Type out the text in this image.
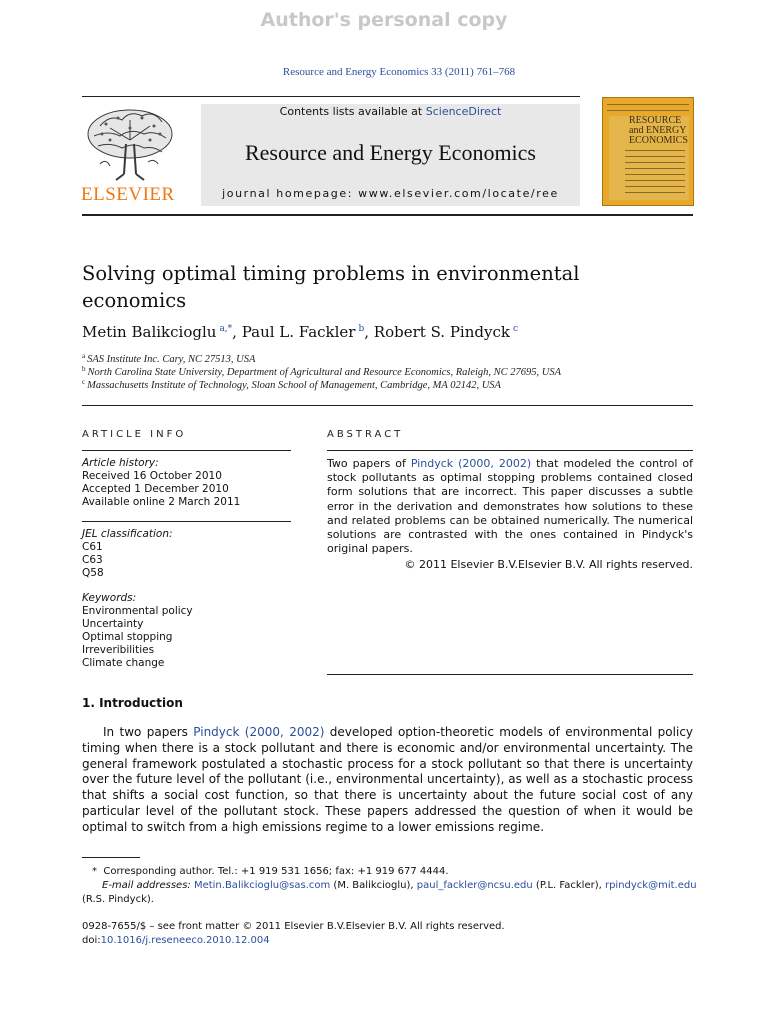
Author's personal copy
Resource and Energy Economics 33 (2011) 761–768
ELSEVIER
Contents lists available at ScienceDirect
Resource and Energy Economics
journal homepage: www.elsevier.com/locate/ree
RESOURCE
and ENERGY
ECONOMICS
Solving optimal timing problems in environmental economics
Metin Balikcioglu  $^{a,*}$, Paul L. Fackler  $^b$, Robert S. Pindyck  $^c$
$^a$ SAS Institute Inc. Cary, NC 27513, USA
$^b$ North Carolina State University, Department of Agricultural and Resource Economics, Raleigh, NC 27695, USA
$^c$ Massachusetts Institute of Technology, Sloan School of Management, Cambridge, MA 02142, USA
ARTICLE INFO
Article history:
Received 16 October 2010
Accepted 1 December 2010
Available online 2 March 2011
JEL classification:
C61
C63
Q58
Keywords:
Environmental policy
Uncertainty
Optimal stopping
Irreveribilities
Climate change
ABSTRACT
Two papers of Pindyck (2000, 2002) that modeled the control of stock pollutants as optimal stopping problems contained closed form solutions that are incorrect. This paper discusses a subtle error in the derivation and demonstrates how solutions to these and related problems can be obtained numerically. The numerical solutions are contrasted with the ones contained in Pindyck's original papers.
© 2011 Elsevier B.V.Elsevier B.V. All rights reserved.
1. Introduction
In two papers Pindyck (2000, 2002) developed option-theoretic models of environmental policy timing when there is a stock pollutant and there is economic and/or environmental uncertainty. The general framework postulated a stochastic process for a stock pollutant so that there is uncertainty over the future level of the pollutant (i.e., environmental uncertainty), as well as a stochastic process that shifts a social cost function, so that there is uncertainty about the future social cost of any particular level of the pollutant stock. These papers addressed the question of when it would be optimal to switch from a high emissions regime to a lower emissions regime.
* Corresponding author. Tel.: +1 919 531 1656; fax: +1 919 677 4444.
E-mail addresses: Metin.Balikcioglu@sas.com (M. Balikcioglu), paul_fackler@ncsu.edu (P.L. Fackler), rpindyck@mit.edu
(R.S. Pindyck).
0928-7655/$ – see front matter © 2011 Elsevier B.V.Elsevier B.V. All rights reserved.
doi:10.1016/j.reseneeco.2010.12.004
